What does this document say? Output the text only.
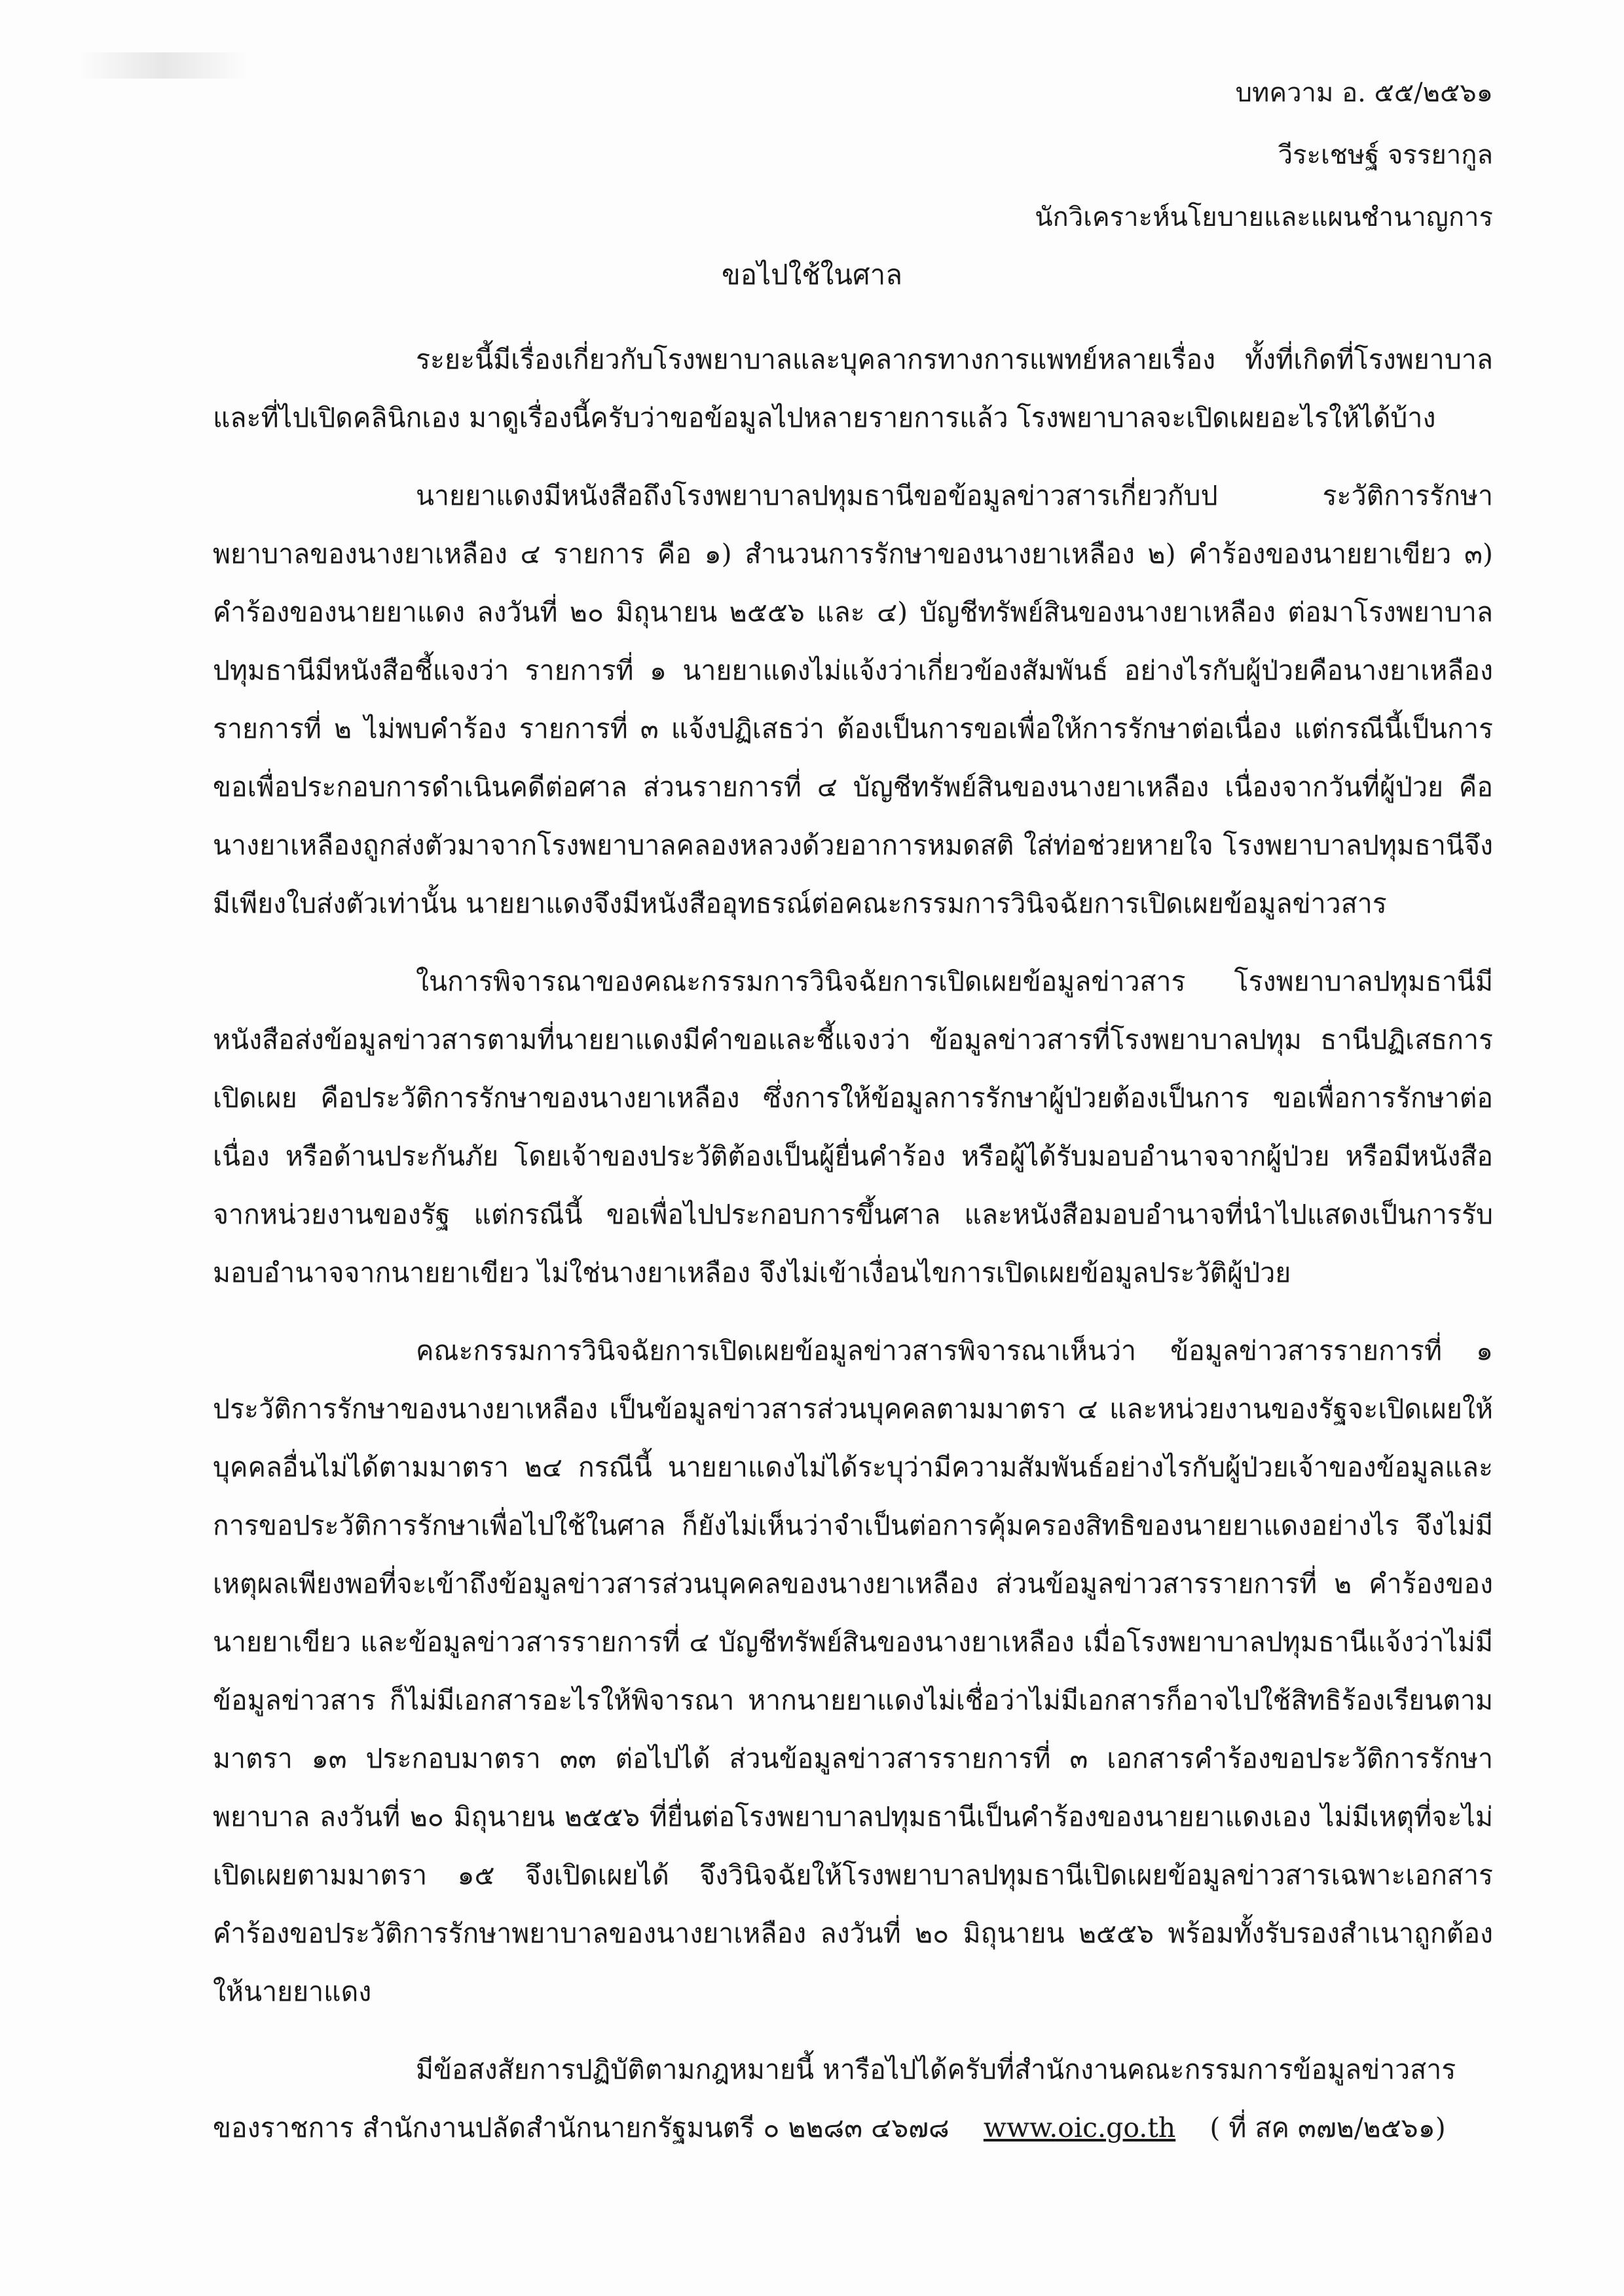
บทความ อ. ๕๕/๒๕๖๑
วีระเชษฐ์ จรรยากูล
นักวิเคราะห์นโยบายและแผนชำนาญการ
ขอไปใช้ในศาล

ระยะนี้มีเรื่องเกี่ยวกับโรงพยาบาลและบุคลากรทางการแพทย์หลายเรื่อง ทั้งที่เกิดที่โรงพยาบาล และที่ไปเปิดคลินิกเอง มาดูเรื่องนี้ครับว่าขอข้อมูลไปหลายรายการแล้ว โรงพยาบาลจะเปิดเผยอะไรให้ได้บ้าง

นายยาแดงมีหนังสือถึงโรงพยาบาลปทุมธานีขอข้อมูลข่าวสารเกี่ยวกับป ระวัติการรักษาพยาบาลของนางยาเหลือง ๔ รายการ คือ ๑) สำนวนการรักษาของนางยาเหลือง ๒) คำร้องของนายยาเขียว ๓) คำร้องของนายยาแดง ลงวันที่ ๒๐ มิถุนายน ๒๕๕๖ และ ๔) บัญชีทรัพย์สินของนางยาเหลือง ต่อมาโรงพยาบาลปทุมธานีมีหนังสือชี้แจงว่า รายการที่ ๑ นายยาแดงไม่แจ้งว่าเกี่ยวข้องสัมพันธ์ อย่างไรกับผู้ป่วยคือนางยาเหลือง รายการที่ ๒ ไม่พบคำร้อง รายการที่ ๓ แจ้งปฏิเสธว่า ต้องเป็นการขอเพื่อให้การรักษาต่อเนื่อง แต่กรณีนี้เป็นการขอเพื่อประกอบการดำเนินคดีต่อศาล ส่วนรายการที่ ๔ บัญชีทรัพย์สินของนางยาเหลือง เนื่องจากวันที่ผู้ป่วย คือนางยาเหลืองถูกส่งตัวมาจากโรงพยาบาลคลองหลวงด้วยอาการหมดสติ ใส่ท่อช่วยหายใจ โรงพยาบาลปทุมธานีจึงมีเพียงใบส่งตัวเท่านั้น นายยาแดงจึงมีหนังสืออุทธรณ์ต่อคณะกรรมการวินิจฉัยการเปิดเผยข้อมูลข่าวสาร

ในการพิจารณาของคณะกรรมการวินิจฉัยการเปิดเผยข้อมูลข่าวสาร โรงพยาบาลปทุมธานีมีหนังสือส่งข้อมูลข่าวสารตามที่นายยาแดงมีคำขอและชี้แจงว่า ข้อมูลข่าวสารที่โรงพยาบาลปทุม ธานีปฏิเสธการเปิดเผย คือประวัติการรักษาของนางยาเหลือง ซึ่งการให้ข้อมูลการรักษาผู้ป่วยต้องเป็นการ ขอเพื่อการรักษาต่อเนื่อง หรือด้านประกันภัย โดยเจ้าของประวัติต้องเป็นผู้ยื่นคำร้อง หรือผู้ได้รับมอบอำนาจจากผู้ป่วย หรือมีหนังสือจากหน่วยงานของรัฐ แต่กรณีนี้ ขอเพื่อไปประกอบการขึ้นศาล และหนังสือมอบอำนาจที่นำไปแสดงเป็นการรับมอบอำนาจจากนายยาเขียว ไม่ใช่นางยาเหลือง จึงไม่เข้าเงื่อนไขการเปิดเผยข้อมูลประวัติผู้ป่วย

คณะกรรมการวินิจฉัยการเปิดเผยข้อมูลข่าวสารพิจารณาเห็นว่า ข้อมูลข่าวสารรายการที่ ๑ ประวัติการรักษาของนางยาเหลือง เป็นข้อมูลข่าวสารส่วนบุคคลตามมาตรา ๔ และหน่วยงานของรัฐจะเปิดเผยให้บุคคลอื่นไม่ได้ตามมาตรา ๒๔ กรณีนี้ นายยาแดงไม่ได้ระบุว่ามีความสัมพันธ์อย่างไรกับผู้ป่วยเจ้าของข้อมูลและการขอประวัติการรักษาเพื่อไปใช้ในศาล ก็ยังไม่เห็นว่าจำเป็นต่อการคุ้มครองสิทธิของนายยาแดงอย่างไร จึงไม่มีเหตุผลเพียงพอที่จะเข้าถึงข้อมูลข่าวสารส่วนบุคคลของนางยาเหลือง ส่วนข้อมูลข่าวสารรายการที่ ๒ คำร้องของนายยาเขียว และข้อมูลข่าวสารรายการที่ ๔ บัญชีทรัพย์สินของนางยาเหลือง เมื่อโรงพยาบาลปทุมธานีแจ้งว่าไม่มีข้อมูลข่าวสาร ก็ไม่มีเอกสารอะไรให้พิจารณา หากนายยาแดงไม่เชื่อว่าไม่มีเอกสารก็อาจไปใช้สิทธิร้องเรียนตามมาตรา ๑๓ ประกอบมาตรา ๓๓ ต่อไปได้ ส่วนข้อมูลข่าวสารรายการที่ ๓ เอกสารคำร้องขอประวัติการรักษาพยาบาล ลงวันที่ ๒๐ มิถุนายน ๒๕๕๖ ที่ยื่นต่อโรงพยาบาลปทุมธานีเป็นคำร้องของนายยาแดงเอง ไม่มีเหตุที่จะไม่เปิดเผยตามมาตรา ๑๕ จึงเปิดเผยได้ จึงวินิจฉัยให้โรงพยาบาลปทุมธานีเปิดเผยข้อมูลข่าวสารเฉพาะเอกสารคำร้องขอประวัติการรักษาพยาบาลของนางยาเหลือง ลงวันที่ ๒๐ มิถุนายน ๒๕๕๖ พร้อมทั้งรับรองสำเนาถูกต้องให้นายยาแดง

มีข้อสงสัยการปฏิบัติตามกฎหมายนี้ หารือไปได้ครับที่สำนักงานคณะกรรมการข้อมูลข่าวสาร
ของราชการ สำนักงานปลัดสำนักนายกรัฐมนตรี ๐ ๒๒๘๓ ๔๖๗๘ www.oic.go.th ( ที่ สค ๓๗๒/๒๕๖๑)
